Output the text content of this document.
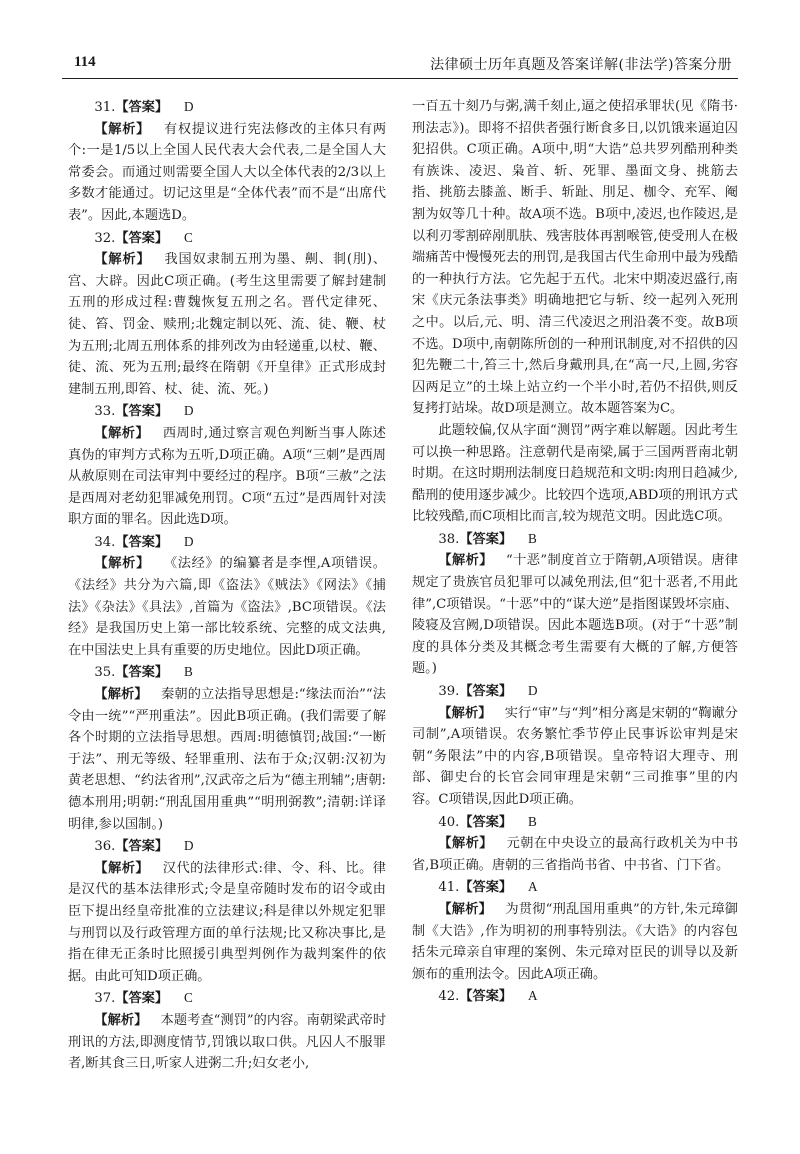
114	法律硕士历年真题及答案详解(非法学)答案分册

31.【答案】 D

【解析】  有权提议进行宪法修改的主体只有两个:一是1/5以上全国人民代表大会代表,二是全国人大常委会。而通过则需要全国人大以全体代表的2/3以上多数才能通过。切记这里是“全体代表”而不是“出席代表”。因此,本题选D。

32.【答案】 C

【解析】  我国奴隶制五刑为墨、劓、剕(刖)、宫、大辟。因此C项正确。(考生这里需要了解封建制五刑的形成过程:曹魏恢复五刑之名。晋代定律死、徒、笞、罚金、赎刑;北魏定制以死、流、徒、鞭、杖为五刑;北周五刑体系的排列改为由轻递重,以杖、鞭、徒、流、死为五刑;最终在隋朝《开皇律》正式形成封建制五刑,即笞、杖、徒、流、死。)

33.【答案】 D

【解析】  西周时,通过察言观色判断当事人陈述真伪的审判方式称为五听,D项正确。A项“三刺”是西周从赦原则在司法审判中要经过的程序。B项“三赦”之法是西周对老幼犯罪减免刑罚。C项“五过”是西周针对渎职方面的罪名。因此选D项。

34.【答案】 D

【解析】  《法经》的编纂者是李悝,A项错误。《法经》共分为六篇,即《盗法》《贼法》《网法》《捕法》《杂法》《具法》,首篇为《盗法》,BC项错误。《法经》是我国历史上第一部比较系统、完整的成文法典,在中国法史上具有重要的历史地位。因此D项正确。

35.【答案】 B

【解析】  秦朝的立法指导思想是:“缘法而治”“法令由一统”“严刑重法”。因此B项正确。(我们需要了解各个时期的立法指导思想。西周:明德慎罚;战国:“一断于法”、刑无等级、轻罪重刑、法布于众;汉朝:汉初为黄老思想、“约法省刑”,汉武帝之后为“德主刑辅”;唐朝:德本刑用;明朝:“刑乱国用重典”“明刑弼教”;清朝:详译明律,参以国制。)

36.【答案】 D

【解析】  汉代的法律形式:律、令、科、比。律是汉代的基本法律形式;令是皇帝随时发布的诏令或由臣下提出经皇帝批准的立法建议;科是律以外规定犯罪与刑罚以及行政管理方面的单行法规;比又称决事比,是指在律无正条时比照援引典型判例作为裁判案件的依据。由此可知D项正确。

37.【答案】 C

【解析】  本题考查“测罚”的内容。南朝梁武帝时刑讯的方法,即测度情节,罚饿以取口供。凡囚人不服罪者,断其食三日,听家人进粥二升;妇女老小,

一百五十刻乃与粥,满千刻止,逼之使招承罪状(见《隋书·刑法志》)。即将不招供者强行断食多日,以饥饿来逼迫囚犯招供。C项正确。A项中,明“大诰”总共罗列酷刑种类有族诛、凌迟、枭首、斩、死罪、墨面文身、挑筋去指、挑筋去膝盖、断手、斩趾、刖足、枷令、充军、阉割为奴等几十种。故A项不选。B项中,凌迟,也作陵迟,是以利刃零割碎剐肌肤、残害肢体再割喉管,使受刑人在极端痛苦中慢慢死去的刑罚,是我国古代生命刑中最为残酷的一种执行方法。它先起于五代。北宋中期凌迟盛行,南宋《庆元条法事类》明确地把它与斩、绞一起列入死刑之中。以后,元、明、清三代凌迟之刑沿袭不变。故B项不选。D项中,南朝陈所创的一种刑讯制度,对不招供的囚犯先鞭二十,笞三十,然后身戴刑具,在“高一尺,上圆,劣容囚两足立”的土垛上站立约一个半小时,若仍不招供,则反复拷打站垛。故D项是测立。故本题答案为C。

此题较偏,仅从字面“测罚”两字难以解题。因此考生可以换一种思路。注意朝代是南梁,属于三国两晋南北朝时期。在这时期刑法制度日趋规范和文明:肉刑日趋减少,酷刑的使用逐步减少。比较四个选项,ABD项的刑讯方式比较残酷,而C项相比而言,较为规范文明。因此选C项。

38.【答案】 B

【解析】  “十恶”制度首立于隋朝,A项错误。唐律规定了贵族官员犯罪可以减免刑法,但“犯十恶者,不用此律”,C项错误。“十恶”中的“谋大逆”是指图谋毁坏宗庙、陵寝及宫阙,D项错误。因此本题选B项。(对于“十恶”制度的具体分类及其概念考生需要有大概的了解,方便答题。)

39.【答案】 D

【解析】  实行“审”与“判”相分离是宋朝的“鞫谳分司制”,A项错误。农务繁忙季节停止民事诉讼审判是宋朝“务限法”中的内容,B项错误。皇帝特诏大理寺、刑部、御史台的长官会同审理是宋朝“三司推事”里的内容。C项错误,因此D项正确。

40.【答案】 B

【解析】  元朝在中央设立的最高行政机关为中书省,B项正确。唐朝的三省指尚书省、中书省、门下省。

41.【答案】 A

【解析】  为贯彻“刑乱国用重典”的方针,朱元璋御制《大诰》,作为明初的刑事特别法。《大诰》的内容包括朱元璋亲自审理的案例、朱元璋对臣民的训导以及新颁布的重刑法令。因此A项正确。

42.【答案】 A
